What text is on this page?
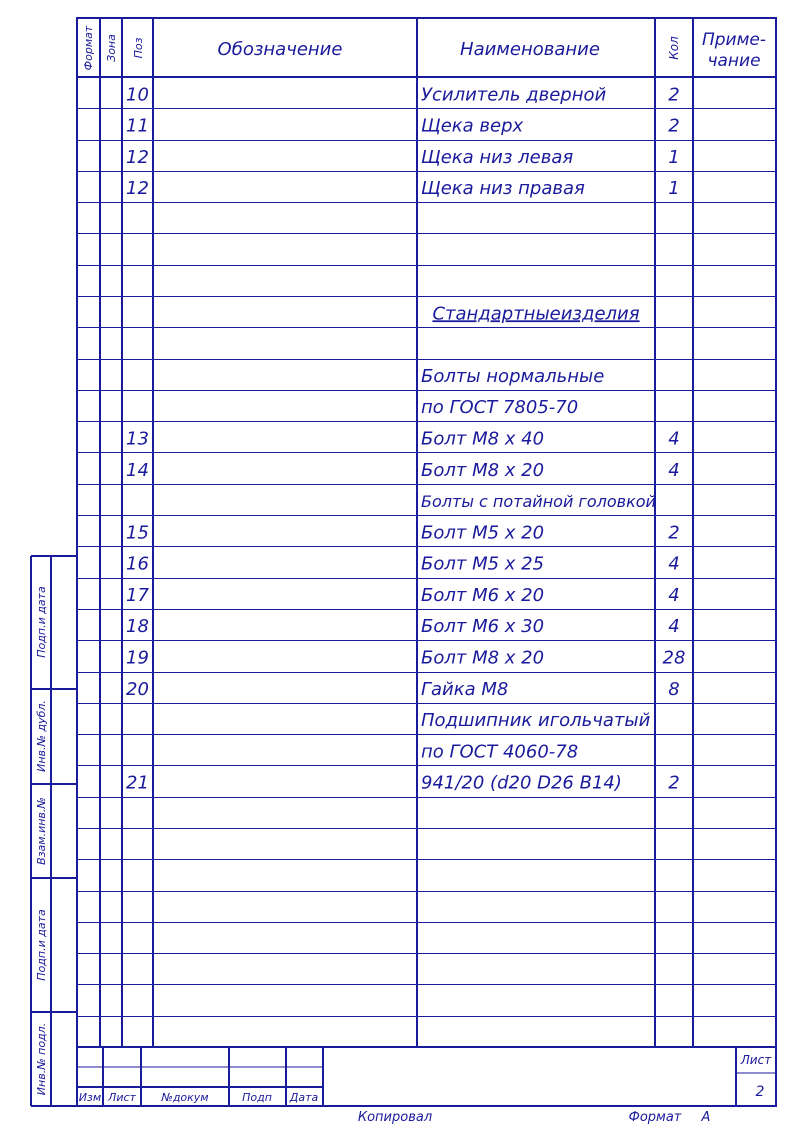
Формат Зона Поз	Обозначение	Наименование	Кол Приме-
чание
10	Усилитель дверной	2
11	Щека верх	2
12	Щека низ левая	1
12	Щека низ правая	1
Стандартныеизделия
Болты нормальные
по ГОСТ 7805-70
13	Болт М8 х 40	4
14	Болт М8 х 20	4
Болты с потайной головкой
15	Болт М5 х 20	2
16	Болт М5 х 25	4
17	Болт М6 х 20	4
18	Болт М6 х 30	4
19	Болт М8 х 20	28
20	Гайка М8	8
Подшипник игольчатый
по ГОСТ 4060-78
21	941/20 (d20 D26 B14)	2
Подп.и дата
Инв.№ дубл.
Взам.инв.№
Подп.и дата
Инв.№ подл.
Изм Лист №докум	Подп Дата
Лист
2
Копировал	Формат А
